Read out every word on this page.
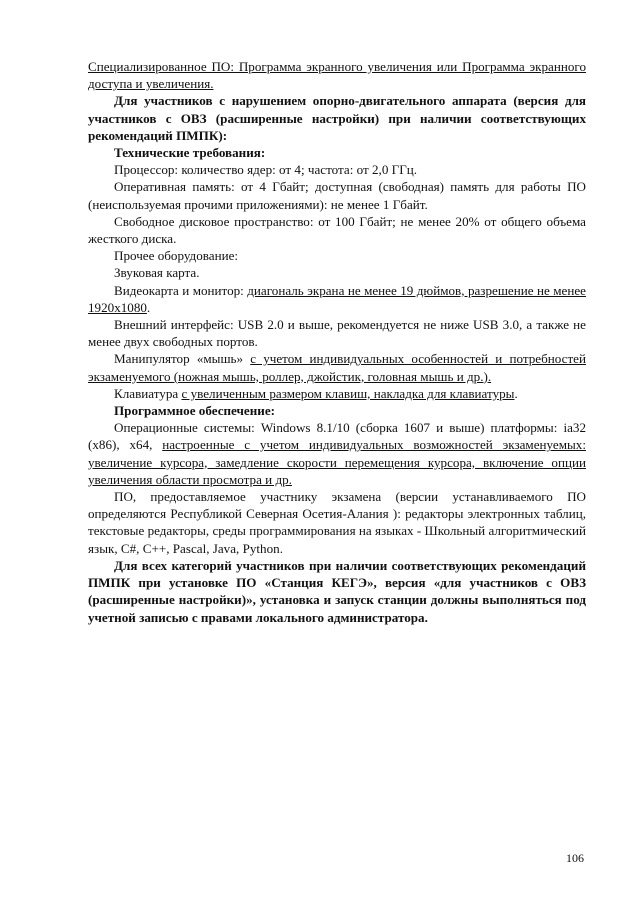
Специализированное ПО: Программа экранного увеличения или Программа экранного доступа и увеличения.

Для участников с нарушением опорно-двигательного аппарата (версия для участников с ОВЗ (расширенные настройки) при наличии соответствующих рекомендаций ПМПК):

Технические требования:

Процессор: количество ядер: от 4; частота: от 2,0 ГГц.

Оперативная память: от 4 Гбайт; доступная (свободная) память для работы ПО (неиспользуемая прочими приложениями): не менее 1 Гбайт.

Свободное дисковое пространство: от 100 Гбайт; не менее 20% от общего объема жесткого диска.

Прочее оборудование:

Звуковая карта.

Видеокарта и монитор: диагональ экрана не менее 19 дюймов, разрешение не менее 1920х1080.

Внешний интерфейс: USB 2.0 и выше, рекомендуется не ниже USB 3.0, а также не менее двух свободных портов.

Манипулятор «мышь» с учетом индивидуальных особенностей и потребностей экзаменуемого (ножная мышь, роллер, джойстик, головная мышь и др.).

Клавиатура с увеличенным размером клавиш, накладка для клавиатуры.

Программное обеспечение:

Операционные системы: Windows 8.1/10 (сборка 1607 и выше) платформы: ia32 (x86), x64, настроенные с учетом индивидуальных возможностей экзаменуемых: увеличение курсора, замедление скорости перемещения курсора, включение опции увеличения области просмотра и др.

ПО, предоставляемое участнику экзамена (версии устанавливаемого ПО определяются Республикой Северная Осетия-Алания ): редакторы электронных таблиц, текстовые редакторы, среды программирования на языках - Школьный алгоритмический язык, C#, C++, Pascal, Java, Python.

Для всех категорий участников при наличии соответствующих рекомендаций ПМПК при установке ПО «Станция КЕГЭ», версия «для участников с ОВЗ (расширенные настройки)», установка и запуск станции должны выполняться под учетной записью с правами локального администратора.

106
